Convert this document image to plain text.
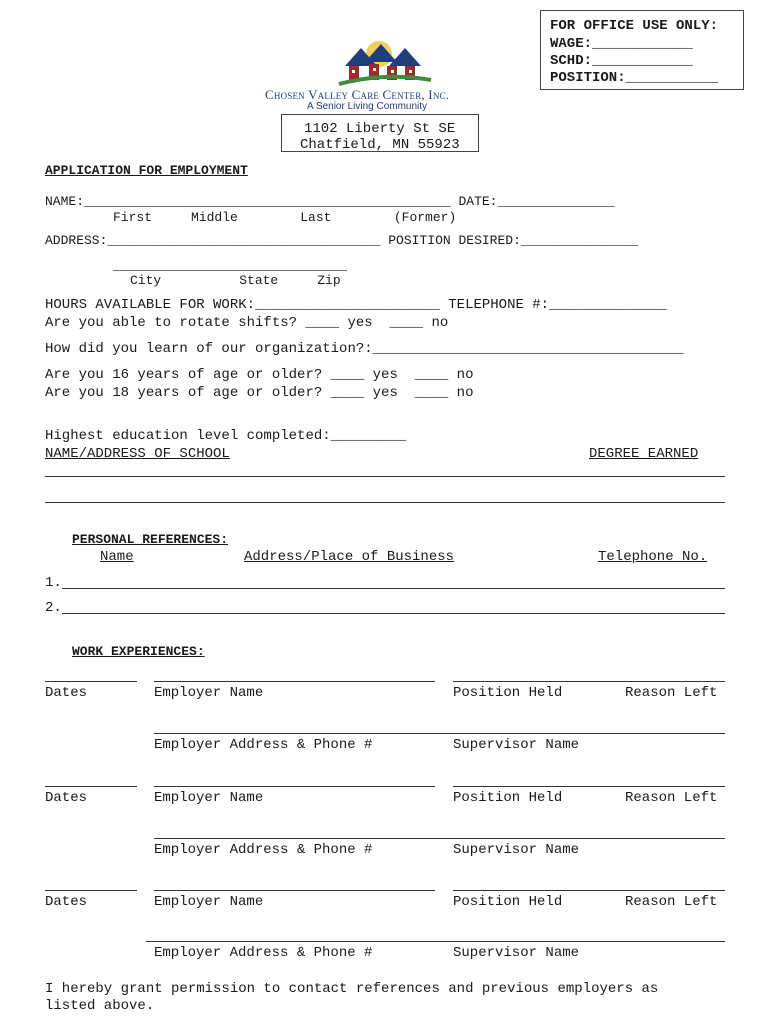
FOR OFFICE USE ONLY:
WAGE:____________
SCHD:____________
POSITION:___________
Chosen Valley Care Center, Inc.
A Senior Living Community
1102 Liberty St SE
Chatfield, MN 55923
APPLICATION FOR EMPLOYMENT
NAME:_______________________________________________ DATE:_______________
First     Middle        Last        (Former)
ADDRESS:___________________________________ POSITION DESIRED:_______________
______________________________
City          State     Zip
HOURS AVAILABLE FOR WORK:______________________ TELEPHONE #:______________
Are you able to rotate shifts? ____ yes  ____ no
How did you learn of our organization?:_____________________________________
Are you 16 years of age or older? ____ yes  ____ no
Are you 18 years of age or older? ____ yes  ____ no
Highest education level completed:_________
NAME/ADDRESS OF SCHOOL	DEGREE EARNED
PERSONAL REFERENCES:
Name	Address/Place of Business	Telephone No.
1.
2.
WORK EXPERIENCES:
Dates	Employer Name	Position Held	Reason Left
Employer Address & Phone #	Supervisor Name
Dates	Employer Name	Position Held	Reason Left
Employer Address & Phone #	Supervisor Name
Dates	Employer Name	Position Held	Reason Left
Employer Address & Phone #	Supervisor Name
I hereby grant permission to contact references and previous employers as
listed above.
